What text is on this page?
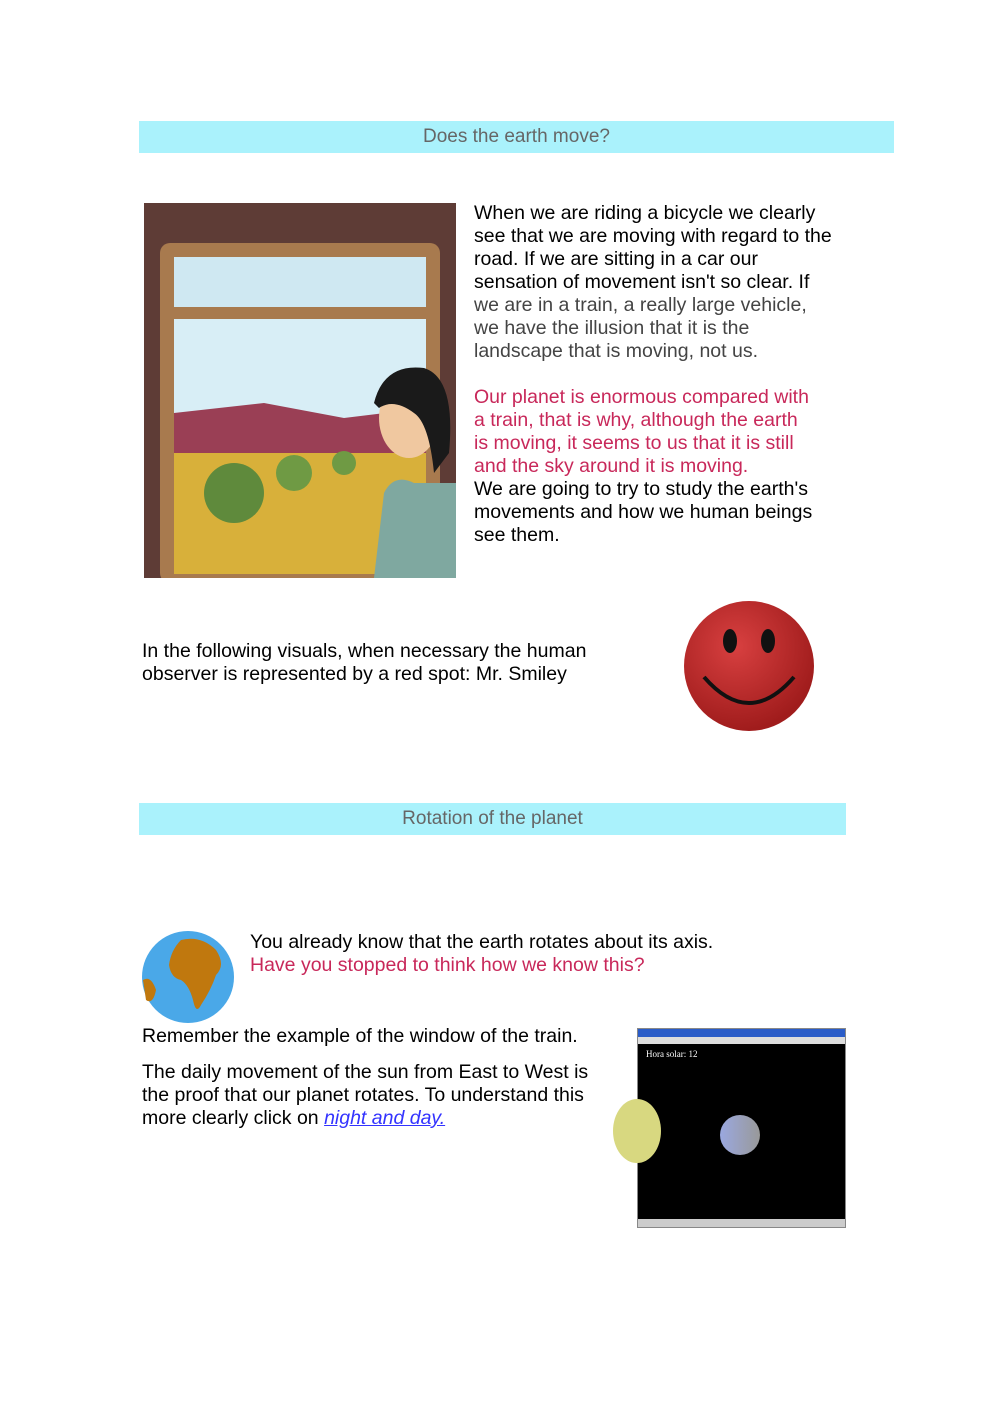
Does the earth move?
When we are riding a bicycle we clearly
see that we are moving with regard to the
road. If we are sitting in a car our
sensation of movement isn't so clear. If
we are in a train, a really large vehicle,
we have the illusion that it is the
landscape that is moving, not us.
Our planet is enormous compared with
a train, that is why, although the earth
is moving, it seems to us that it is still
and the sky around it is moving.
We are going to try to study the earth's
movements and how we human beings
see them.
In the following visuals, when necessary the human
observer is represented by a red spot: Mr. Smiley
Rotation of the planet
You already know that the earth rotates about its axis.
Have you stopped to think how we know this?
Remember the example of the window of the train.
The daily movement of the sun from East to West is
the proof that our planet rotates. To understand this
more clearly click on night and day.
Hora solar: 12
